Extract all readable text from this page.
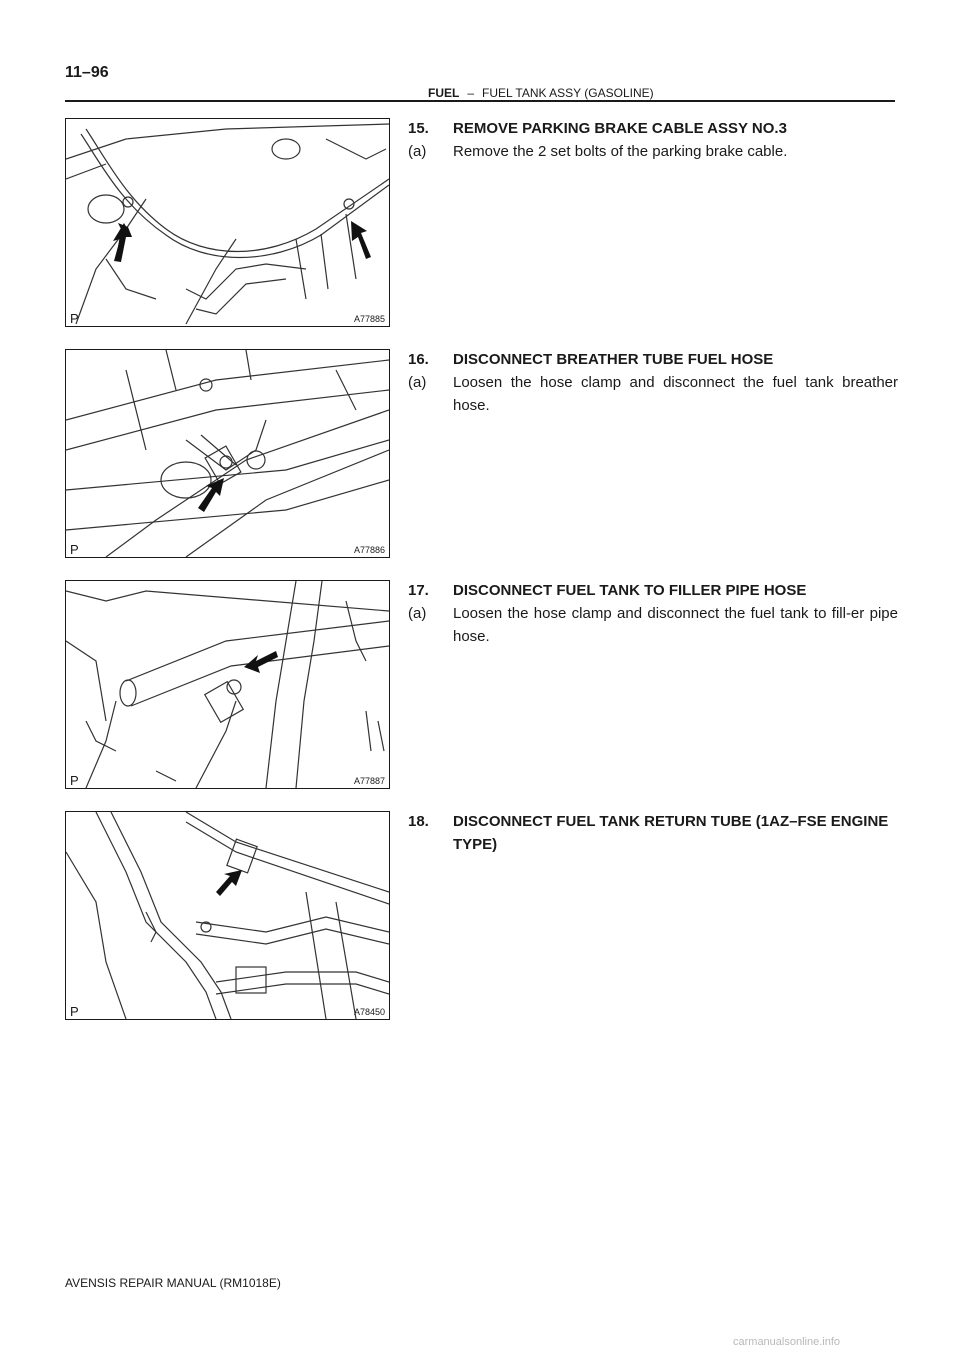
11–96
FUEL – FUEL TANK ASSY (GASOLINE)
P	A77885
P	A77886
P	A77887
P	A78450
15.	REMOVE PARKING BRAKE CABLE ASSY NO.3
(a)	Remove the 2 set bolts of the parking brake cable.
16.	DISCONNECT BREATHER TUBE FUEL HOSE
(a)	Loosen the hose clamp and disconnect the fuel tank breather hose.
17.	DISCONNECT FUEL TANK TO FILLER PIPE HOSE
(a)	Loosen the hose clamp and disconnect the fuel tank to fill-er pipe hose.
18.	DISCONNECT FUEL TANK RETURN TUBE (1AZ–FSE ENGINE TYPE)
AVENSIS REPAIR MANUAL (RM1018E)
carmanualsonline.info
